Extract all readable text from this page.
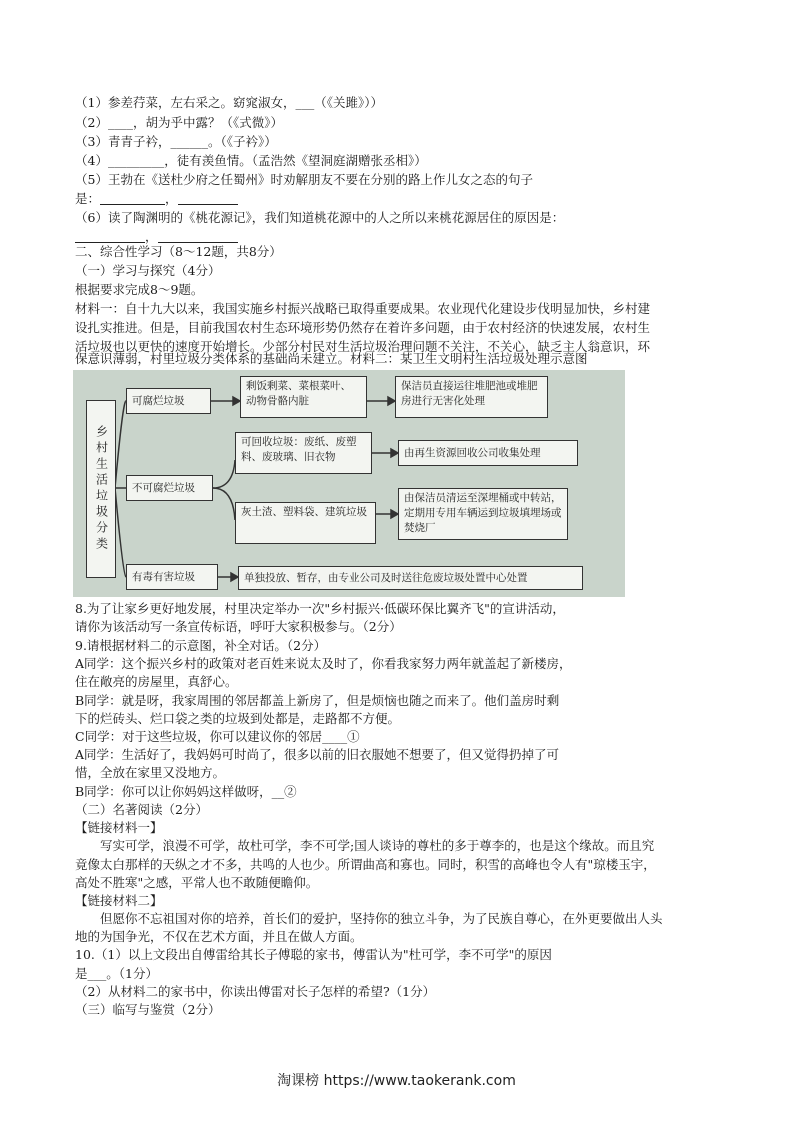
（1）参差荇菜，左右采之。窈窕淑女，___（《关雎》））
（2）____，胡为乎中露？（《式微》）
（3）青青子衿，______。（《子衿》）
（4）_________，徒有羡鱼情。（孟浩然《望洞庭湖赠张丞相》）
（5）王勃在《送杜少府之任蜀州》时劝解朋友不要在分别的路上作儿女之态的句子
是：	，
（6）读了陶渊明的《桃花源记》，我们知道桃花源中的人之所以来桃花源居住的原因是：
，
二、综合性学习（8～12题，共8分）
（一）学习与探究（4分）
根据要求完成8～9题。
材料一：自十九大以来，我国实施乡村振兴战略已取得重要成果。农业现代化建设步伐明显加快，乡村建
设扎实推进。但是，目前我国农村生态环境形势仍然存在着许多问题，由于农村经济的快速发展，农村生
活垃圾也以更快的速度开始增长。少部分村民对生活垃圾治理问题不关注，不关心，缺乏主人翁意识，环
保意识薄弱，村里垃圾分类体系的基础尚未建立。材料二：某卫生文明村生活垃圾处理示意图
乡村生活垃圾分类
可腐烂垃圾
剩饭剩菜、菜根菜叶、动物骨骼内脏
保洁员直接运往堆肥池或堆肥房进行无害化处理
不可腐烂垃圾
可回收垃圾：废纸、废塑料、废玻璃、旧衣物	由再生资源回收公司收集处理
灰土渣、塑料袋、建筑垃圾
由保洁员清运至深埋桶或中转站，定期用专用车辆运到垃圾填埋场或焚烧厂
有毒有害垃圾	单独投放、暂存，由专业公司及时送往危废垃圾处置中心处置
8.为了让家乡更好地发展，村里决定举办一次"乡村振兴·低碳环保比翼齐飞"的宣讲活动，
请你为该活动写一条宣传标语，呼吁大家积极参与。（2分）
9.请根据材料二的示意图，补全对话。（2分）
A同学：这个振兴乡村的政策对老百姓来说太及时了，你看我家努力两年就盖起了新楼房，
住在敞亮的房屋里，真舒心。
B同学：就是呀，我家周围的邻居都盖上新房了，但是烦恼也随之而来了。他们盖房时剩
下的烂砖头、烂口袋之类的垃圾到处都是，走路都不方便。
C同学：对于这些垃圾，你可以建议你的邻居____①
A同学：生活好了，我妈妈可时尚了，很多以前的旧衣服她不想要了，但又觉得扔掉了可
惜，全放在家里又没地方。
B同学：你可以让你妈妈这样做呀，__②
（二）名著阅读（2分）
【链接材料一】
写实可学，浪漫不可学，故杜可学，李不可学;国人谈诗的尊杜的多于尊李的，也是这个缘故。而且究
竟像太白那样的天纵之才不多，共鸣的人也少。所谓曲高和寡也。同时，积雪的高峰也令人有"琼楼玉宇，
高处不胜寒"之感，平常人也不敢随便瞻仰。
【链接材料二】
但愿你不忘祖国对你的培养，首长们的爱护，坚持你的独立斗争，为了民族自尊心，在外更要做出人头
地的为国争光，不仅在艺术方面，并且在做人方面。
10.（1）以上文段出自傅雷给其长子傅聪的家书，傅雷认为"杜可学，李不可学"的原因
是___。（1分）
（2）从材料二的家书中，你读出傅雷对长子怎样的希望?（1分）
（三）临写与鉴赏（2分）
淘课榜 https://www.taokerank.com
